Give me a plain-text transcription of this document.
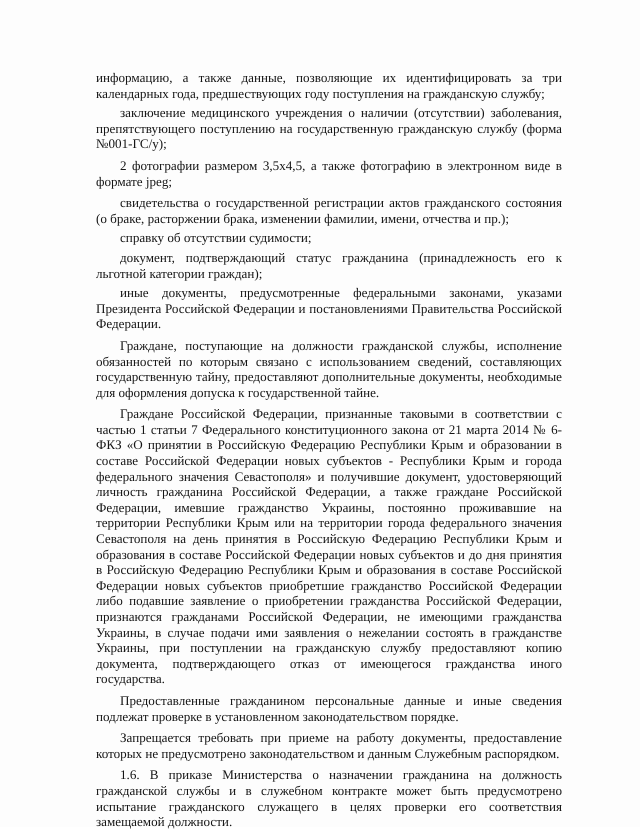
информацию, а также данные, позволяющие их идентифицировать за три календарных года, предшествующих году поступления на гражданскую службу;

заключение медицинского учреждения о наличии (отсутствии) заболевания, препятствующего поступлению на государственную гражданскую службу (форма №001-ГС/у);

2 фотографии размером 3,5х4,5, а также фотографию в электронном виде в формате jpeg;

свидетельства о государственной регистрации актов гражданского состояния (о браке, расторжении брака, изменении фамилии, имени, отчества и пр.);

справку об отсутствии судимости;

документ, подтверждающий статус гражданина (принадлежность его к льготной категории граждан);

иные документы, предусмотренные федеральными законами, указами Президента Российской Федерации и постановлениями Правительства Российской Федерации.

Граждане, поступающие на должности гражданской службы, исполнение обязанностей по которым связано с использованием сведений, составляющих государственную тайну, предоставляют дополнительные документы, необходимые для оформления допуска к государственной тайне.

Граждане Российской Федерации, признанные таковыми в соответствии с частью 1 статьи 7 Федерального конституционного закона от 21 марта 2014 № 6-ФКЗ «О принятии в Российскую Федерацию Республики Крым и образовании в составе Российской Федерации новых субъектов - Республики Крым и города федерального значения Севастополя» и получившие документ, удостоверяющий личность гражданина Российской Федерации, а также граждане Российской Федерации, имевшие гражданство Украины, постоянно проживавшие на территории Республики Крым или на территории города федерального значения Севастополя на день принятия в Российскую Федерацию Республики Крым и образования в составе Российской Федерации новых субъектов и до дня принятия в Российскую Федерацию Республики Крым и образования в составе Российской Федерации новых субъектов приобретшие гражданство Российской Федерации либо подавшие заявление о приобретении гражданства Российской Федерации, признаются гражданами Российской Федерации, не имеющими гражданства Украины, в случае подачи ими заявления о нежелании состоять в гражданстве Украины, при поступлении на гражданскую службу предоставляют копию документа, подтверждающего отказ от имеющегося гражданства иного государства.

Предоставленные гражданином персональные данные и иные сведения подлежат проверке в установленном законодательством порядке.

Запрещается требовать при приеме на работу документы, предоставление которых не предусмотрено законодательством и данным Служебным распорядком.

1.6. В приказе Министерства о назначении гражданина на должность гражданской службы и в служебном контракте может быть предусмотрено испытание гражданского служащего в целях проверки его соответствия замещаемой должности.
